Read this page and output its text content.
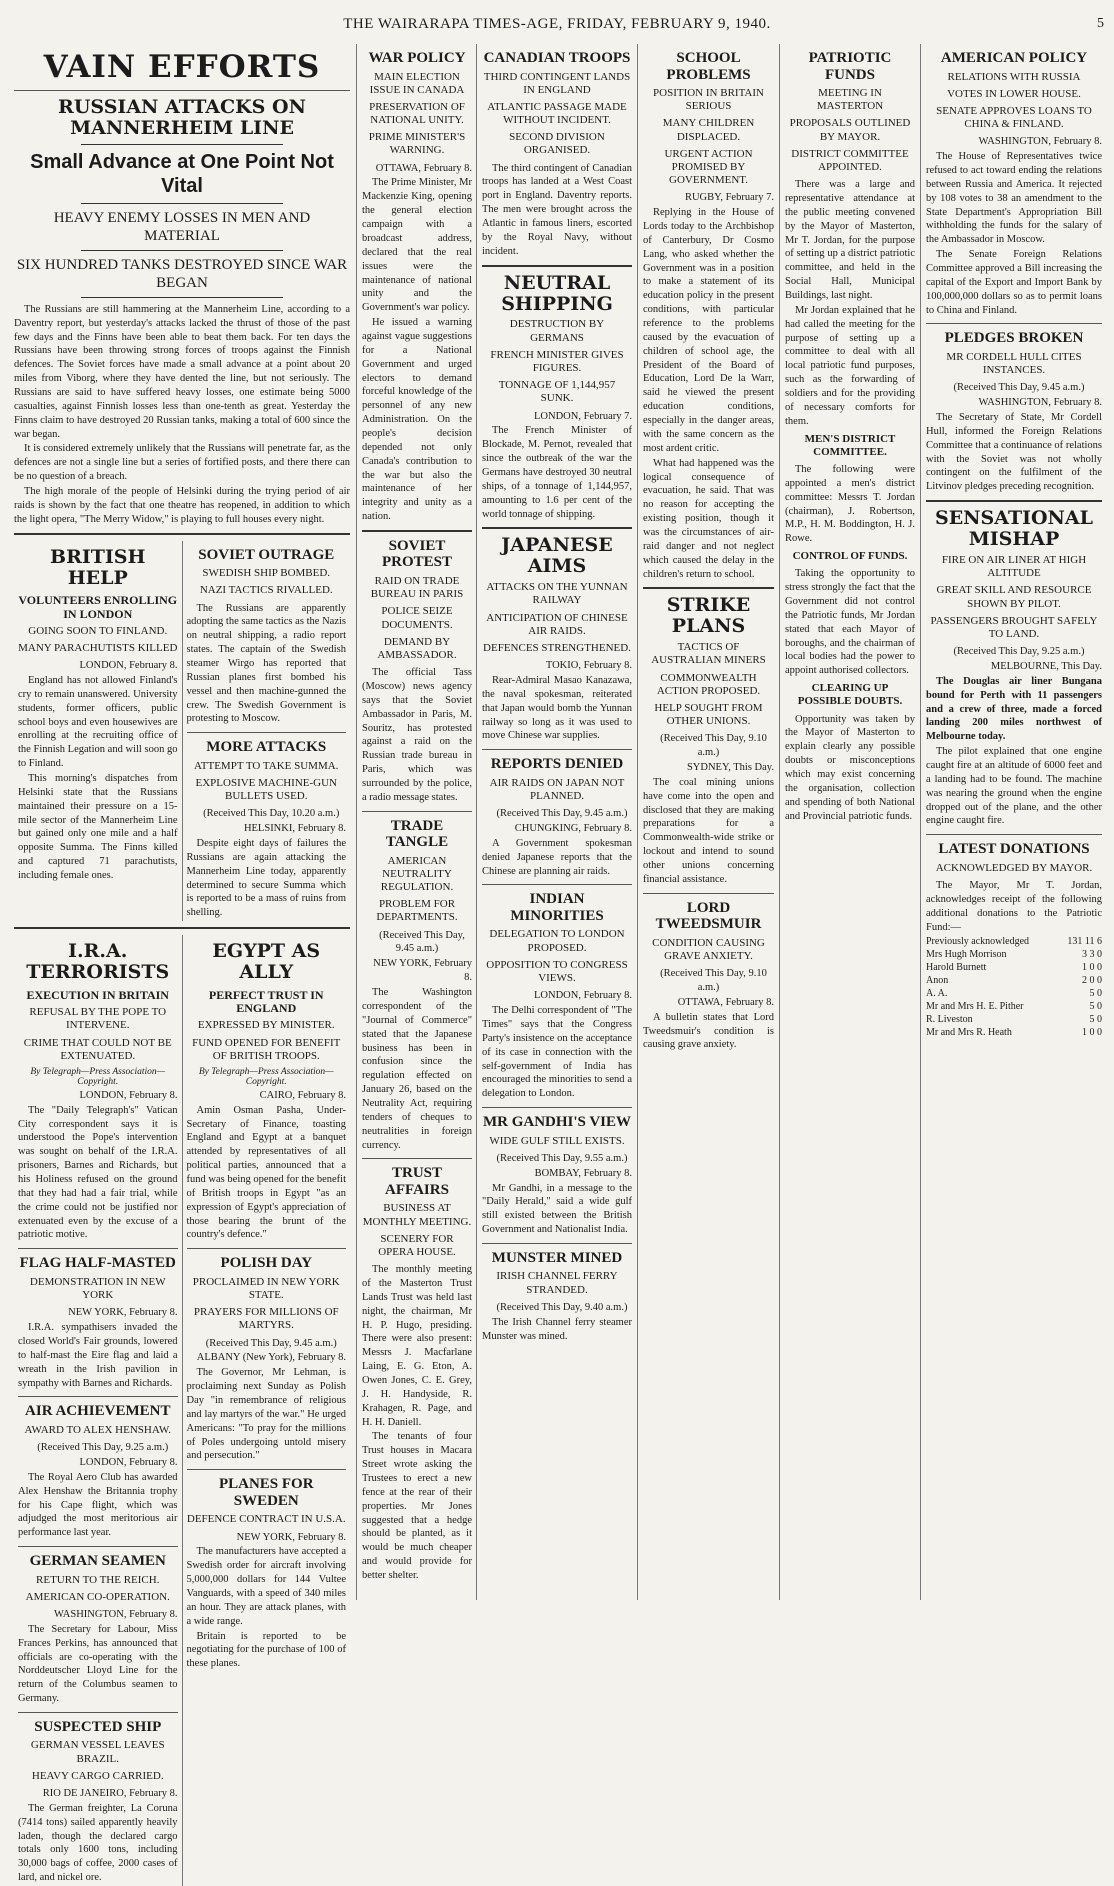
THE WAIRARAPA TIMES-AGE, FRIDAY, FEBRUARY 9, 1940.	5
VAIN EFFORTS
RUSSIAN ATTACKS ON MANNERHEIM LINE
Small Advance at One Point Not Vital
HEAVY ENEMY LOSSES IN MEN AND MATERIAL
SIX HUNDRED TANKS DESTROYED SINCE WAR BEGAN

The Russians are still hammering at the Mannerheim Line, according to a Daventry report, but yesterday's attacks lacked the thrust of those of the past few days and the Finns have been able to beat them back. For ten days the Russians have been throwing strong forces of troops against the Finnish defences. The Soviet forces have made a small advance at a point about 20 miles from Viborg, where they have dented the line, but not seriously. The Russians are said to have suffered heavy losses, one estimate being 5000 casualties, against Finnish losses less than one-tenth as great. Yesterday the Finns claim to have destroyed 20 Russian tanks, making a total of 600 since the war began.

It is considered extremely unlikely that the Russians will penetrate far, as the defences are not a single line but a series of fortified posts, and there there can be no question of a breach.

The high morale of the people of Helsinki during the trying period of air raids is shown by the fact that one theatre has reopened, in addition to which the light opera, "The Merry Widow," is playing to full houses every night.

BRITISH HELP
VOLUNTEERS ENROLLING IN LONDON
GOING SOON TO FINLAND.
MANY PARACHUTISTS KILLED

LONDON, February 8.

England has not allowed Finland's cry to remain unanswered. University students, former officers, public school boys and even housewives are enrolling at the recruiting office of the Finnish Legation and will soon go to Finland.

This morning's dispatches from Helsinki state that the Russians maintained their pressure on a 15-mile sector of the Mannerheim Line but gained only one mile and a half opposite Summa. The Finns killed and captured 71 parachutists, including female ones.

SOVIET OUTRAGE
SWEDISH SHIP BOMBED.
NAZI TACTICS RIVALLED.

The Russians are apparently adopting the same tactics as the Nazis on neutral shipping, a radio report states. The captain of the Swedish steamer Wirgo has reported that Russian planes first bombed his vessel and then machine-gunned the crew. The Swedish Government is protesting to Moscow.

MORE ATTACKS
ATTEMPT TO TAKE SUMMA.
EXPLOSIVE MACHINE-GUN BULLETS USED.

(Received This Day, 10.20 a.m.)

HELSINKI, February 8.

Despite eight days of failures the Russians are again attacking the Mannerheim Line today, apparently determined to secure Summa which is reported to be a mass of ruins from shelling.

I.R.A. TERRORISTS
EXECUTION IN BRITAIN
REFUSAL BY THE POPE TO INTERVENE.
CRIME THAT COULD NOT BE EXTENUATED.
By Telegraph—Press Association—Copyright.

LONDON, February 8.

The "Daily Telegraph's" Vatican City correspondent says it is understood the Pope's intervention was sought on behalf of the I.R.A. prisoners, Barnes and Richards, but his Holiness refused on the ground that they had had a fair trial, while the crime could not be justified nor extenuated even by the excuse of a patriotic motive.

FLAG HALF-MASTED
DEMONSTRATION IN NEW YORK

NEW YORK, February 8.

I.R.A. sympathisers invaded the closed World's Fair grounds, lowered to half-mast the Eire flag and laid a wreath in the Irish pavilion in sympathy with Barnes and Richards.

AIR ACHIEVEMENT
AWARD TO ALEX HENSHAW.

(Received This Day, 9.25 a.m.)

LONDON, February 8.

The Royal Aero Club has awarded Alex Henshaw the Britannia trophy for his Cape flight, which was adjudged the most meritorious air performance last year.

GERMAN SEAMEN
RETURN TO THE REICH.
AMERICAN CO-OPERATION.

WASHINGTON, February 8.

The Secretary for Labour, Miss Frances Perkins, has announced that officials are co-operating with the Norddeutscher Lloyd Line for the return of the Columbus seamen to Germany.

SUSPECTED SHIP
GERMAN VESSEL LEAVES BRAZIL.
HEAVY CARGO CARRIED.

RIO DE JANEIRO, February 8.

The German freighter, La Coruna (7414 tons) sailed apparently heavily laden, though the declared cargo totals only 1600 tons, including 30,000 bags of coffee, 2000 cases of lard, and nickel ore.

EGYPT AS ALLY
PERFECT TRUST IN ENGLAND
EXPRESSED BY MINISTER.
FUND OPENED FOR BENEFIT OF BRITISH TROOPS.
By Telegraph—Press Association—Copyright.

CAIRO, February 8.

Amin Osman Pasha, Under-Secretary of Finance, toasting England and Egypt at a banquet attended by representatives of all political parties, announced that a fund was being opened for the benefit of British troops in Egypt "as an expression of Egypt's appreciation of those bearing the brunt of the country's defence."

POLISH DAY
PROCLAIMED IN NEW YORK STATE.
PRAYERS FOR MILLIONS OF MARTYRS.

(Received This Day, 9.45 a.m.)

ALBANY (New York), February 8.

The Governor, Mr Lehman, is proclaiming next Sunday as Polish Day "in remembrance of religious and lay martyrs of the war." He urged Americans: "To pray for the millions of Poles undergoing untold misery and persecution."

PLANES FOR SWEDEN
DEFENCE CONTRACT IN U.S.A.

NEW YORK, February 8.

The manufacturers have accepted a Swedish order for aircraft involving 5,000,000 dollars for 144 Vultee Vanguards, with a speed of 340 miles an hour. They are attack planes, with a wide range.

Britain is reported to be negotiating for the purchase of 100 of these planes.

WAR POLICY
MAIN ELECTION ISSUE IN CANADA
PRESERVATION OF NATIONAL UNITY.
PRIME MINISTER'S WARNING.

OTTAWA, February 8.

The Prime Minister, Mr Mackenzie King, opening the general election campaign with a broadcast address, declared that the real issues were the maintenance of national unity and the Government's war policy.

He issued a warning against vague suggestions for a National Government and urged electors to demand forceful knowledge of the personnel of any new Administration. On the people's decision depended not only Canada's contribution to the war but also the maintenance of her integrity and unity as a nation.

SOVIET PROTEST
RAID ON TRADE BUREAU IN PARIS
POLICE SEIZE DOCUMENTS.
DEMAND BY AMBASSADOR.

The official Tass (Moscow) news agency says that the Soviet Ambassador in Paris, M. Souritz, has protested against a raid on the Russian trade bureau in Paris, which was surrounded by the police, a radio message states.

TRADE TANGLE
AMERICAN NEUTRALITY REGULATION.
PROBLEM FOR DEPARTMENTS.

(Received This Day, 9.45 a.m.)

NEW YORK, February 8.

The Washington correspondent of the "Journal of Commerce" stated that the Japanese business has been in confusion since the regulation effected on January 26, based on the Neutrality Act, requiring tenders of cheques to neutralities in foreign currency.

TRUST AFFAIRS
BUSINESS AT MONTHLY MEETING.
SCENERY FOR OPERA HOUSE.

The monthly meeting of the Masterton Trust Lands Trust was held last night, the chairman, Mr H. P. Hugo, presiding. There were also present: Messrs J. Macfarlane Laing, E. G. Eton, A. Owen Jones, C. E. Grey, J. H. Handyside, R. Krahagen, R. Page, and H. H. Daniell.

The tenants of four Trust houses in Macara Street wrote asking the Trustees to erect a new fence at the rear of their properties. Mr Jones suggested that a hedge should be planted, as it would be much cheaper and would provide for better shelter.

CANADIAN TROOPS
THIRD CONTINGENT LANDS IN ENGLAND
ATLANTIC PASSAGE MADE WITHOUT INCIDENT.
SECOND DIVISION ORGANISED.

The third contingent of Canadian troops has landed at a West Coast port in England. Daventry reports. The men were brought across the Atlantic in famous liners, escorted by the Royal Navy, without incident.

NEUTRAL SHIPPING
DESTRUCTION BY GERMANS
FRENCH MINISTER GIVES FIGURES.
TONNAGE OF 1,144,957 SUNK.

LONDON, February 7.

The French Minister of Blockade, M. Pernot, revealed that since the outbreak of the war the Germans have destroyed 30 neutral ships, of a tonnage of 1,144,957, amounting to 1.6 per cent of the world tonnage of shipping.

JAPANESE AIMS
ATTACKS ON THE YUNNAN RAILWAY
ANTICIPATION OF CHINESE AIR RAIDS.
DEFENCES STRENGTHENED.

TOKIO, February 8.

Rear-Admiral Masao Kanazawa, the naval spokesman, reiterated that Japan would bomb the Yunnan railway so long as it was used to move Chinese war supplies.

REPORTS DENIED
AIR RAIDS ON JAPAN NOT PLANNED.

(Received This Day, 9.45 a.m.)

CHUNGKING, February 8.

A Government spokesman denied Japanese reports that the Chinese are planning air raids.

INDIAN MINORITIES
DELEGATION TO LONDON PROPOSED.
OPPOSITION TO CONGRESS VIEWS.

LONDON, February 8.

The Delhi correspondent of "The Times" says that the Congress Party's insistence on the acceptance of its case in connection with the self-government of India has encouraged the minorities to send a delegation to London.

MR GANDHI'S VIEW
WIDE GULF STILL EXISTS.

(Received This Day, 9.55 a.m.)

BOMBAY, February 8.

Mr Gandhi, in a message to the "Daily Herald," said a wide gulf still existed between the British Government and Nationalist India.

MUNSTER MINED
IRISH CHANNEL FERRY STRANDED.

(Received This Day, 9.40 a.m.)

The Irish Channel ferry steamer Munster was mined.

SCHOOL PROBLEMS
POSITION IN BRITAIN SERIOUS
MANY CHILDREN DISPLACED.
URGENT ACTION PROMISED BY GOVERNMENT.

RUGBY, February 7.

Replying in the House of Lords today to the Archbishop of Canterbury, Dr Cosmo Lang, who asked whether the Government was in a position to make a statement of its education policy in the present conditions, with particular reference to the problems caused by the evacuation of children of school age, the President of the Board of Education, Lord De la Warr, said he viewed the present education conditions, especially in the danger areas, with the same concern as the most ardent critic.

What had happened was the logical consequence of evacuation, he said. That was no reason for accepting the existing position, though it was the circumstances of air-raid danger and not neglect which caused the delay in the children's return to school.

STRIKE PLANS
TACTICS OF AUSTRALIAN MINERS
COMMONWEALTH ACTION PROPOSED.
HELP SOUGHT FROM OTHER UNIONS.

(Received This Day, 9.10 a.m.)

SYDNEY, This Day.

The coal mining unions have come into the open and disclosed that they are making preparations for a Commonwealth-wide strike or lockout and intend to sound other unions concerning financial assistance.

LORD TWEEDSMUIR
CONDITION CAUSING GRAVE ANXIETY.

(Received This Day, 9.10 a.m.)

OTTAWA, February 8.

A bulletin states that Lord Tweedsmuir's condition is causing grave anxiety.

PATRIOTIC FUNDS
MEETING IN MASTERTON
PROPOSALS OUTLINED BY MAYOR.
DISTRICT COMMITTEE APPOINTED.

There was a large and representative attendance at the public meeting convened by the Mayor of Masterton, Mr T. Jordan, for the purpose of setting up a district patriotic committee, and held in the Social Hall, Municipal Buildings, last night.

Mr Jordan explained that he had called the meeting for the purpose of setting up a committee to deal with all local patriotic fund purposes, such as the forwarding of soldiers and for the providing of necessary comforts for them.

MEN'S DISTRICT COMMITTEE.

The following were appointed a men's district committee: Messrs T. Jordan (chairman), J. Robertson, M.P., H. M. Boddington, H. J. Rowe.

CONTROL OF FUNDS.

Taking the opportunity to stress strongly the fact that the Government did not control the Patriotic funds, Mr Jordan stated that each Mayor of boroughs, and the chairman of local bodies had the power to appoint authorised collectors.

CLEARING UP POSSIBLE DOUBTS.

Opportunity was taken by the Mayor of Masterton to explain clearly any possible doubts or misconceptions which may exist concerning the organisation, collection and spending of both National and Provincial patriotic funds.

AMERICAN POLICY
RELATIONS WITH RUSSIA
VOTES IN LOWER HOUSE.
SENATE APPROVES LOANS TO CHINA & FINLAND.

WASHINGTON, February 8.

The House of Representatives twice refused to act toward ending the relations between Russia and America. It rejected by 108 votes to 38 an amendment to the State Department's Appropriation Bill withholding the funds for the salary of the Ambassador in Moscow.

The Senate Foreign Relations Committee approved a Bill increasing the capital of the Export and Import Bank by 100,000,000 dollars so as to permit loans to China and Finland.

PLEDGES BROKEN
MR CORDELL HULL CITES INSTANCES.

(Received This Day, 9.45 a.m.)

WASHINGTON, February 8.

The Secretary of State, Mr Cordell Hull, informed the Foreign Relations Committee that a continuance of relations with the Soviet was not wholly contingent on the fulfilment of the Litvinov pledges preceding recognition.

SENSATIONAL MISHAP
FIRE ON AIR LINER AT HIGH ALTITUDE
GREAT SKILL AND RESOURCE SHOWN BY PILOT.
PASSENGERS BROUGHT SAFELY TO LAND.

(Received This Day, 9.25 a.m.)

MELBOURNE, This Day.

The Douglas air liner Bungana bound for Perth with 11 passengers and a crew of three, made a forced landing 200 miles northwest of Melbourne today.

The pilot explained that one engine caught fire at an altitude of 6000 feet and a landing had to be found. The machine was nearing the ground when the engine dropped out of the plane, and the other engine caught fire.

LATEST DONATIONS
ACKNOWLEDGED BY MAYOR.

The Mayor, Mr T. Jordan, acknowledges receipt of the following additional donations to the Patriotic Fund:—

Previously acknowledged	131 11 6
Mrs Hugh Morrison	3 3 0
Harold Burnett	1 0 0
Anon	2 0 0
A. A.	5 0
Mr and Mrs H. E. Pither	5 0
R. Liveston	5 0
Mr and Mrs R. Heath	1 0 0
